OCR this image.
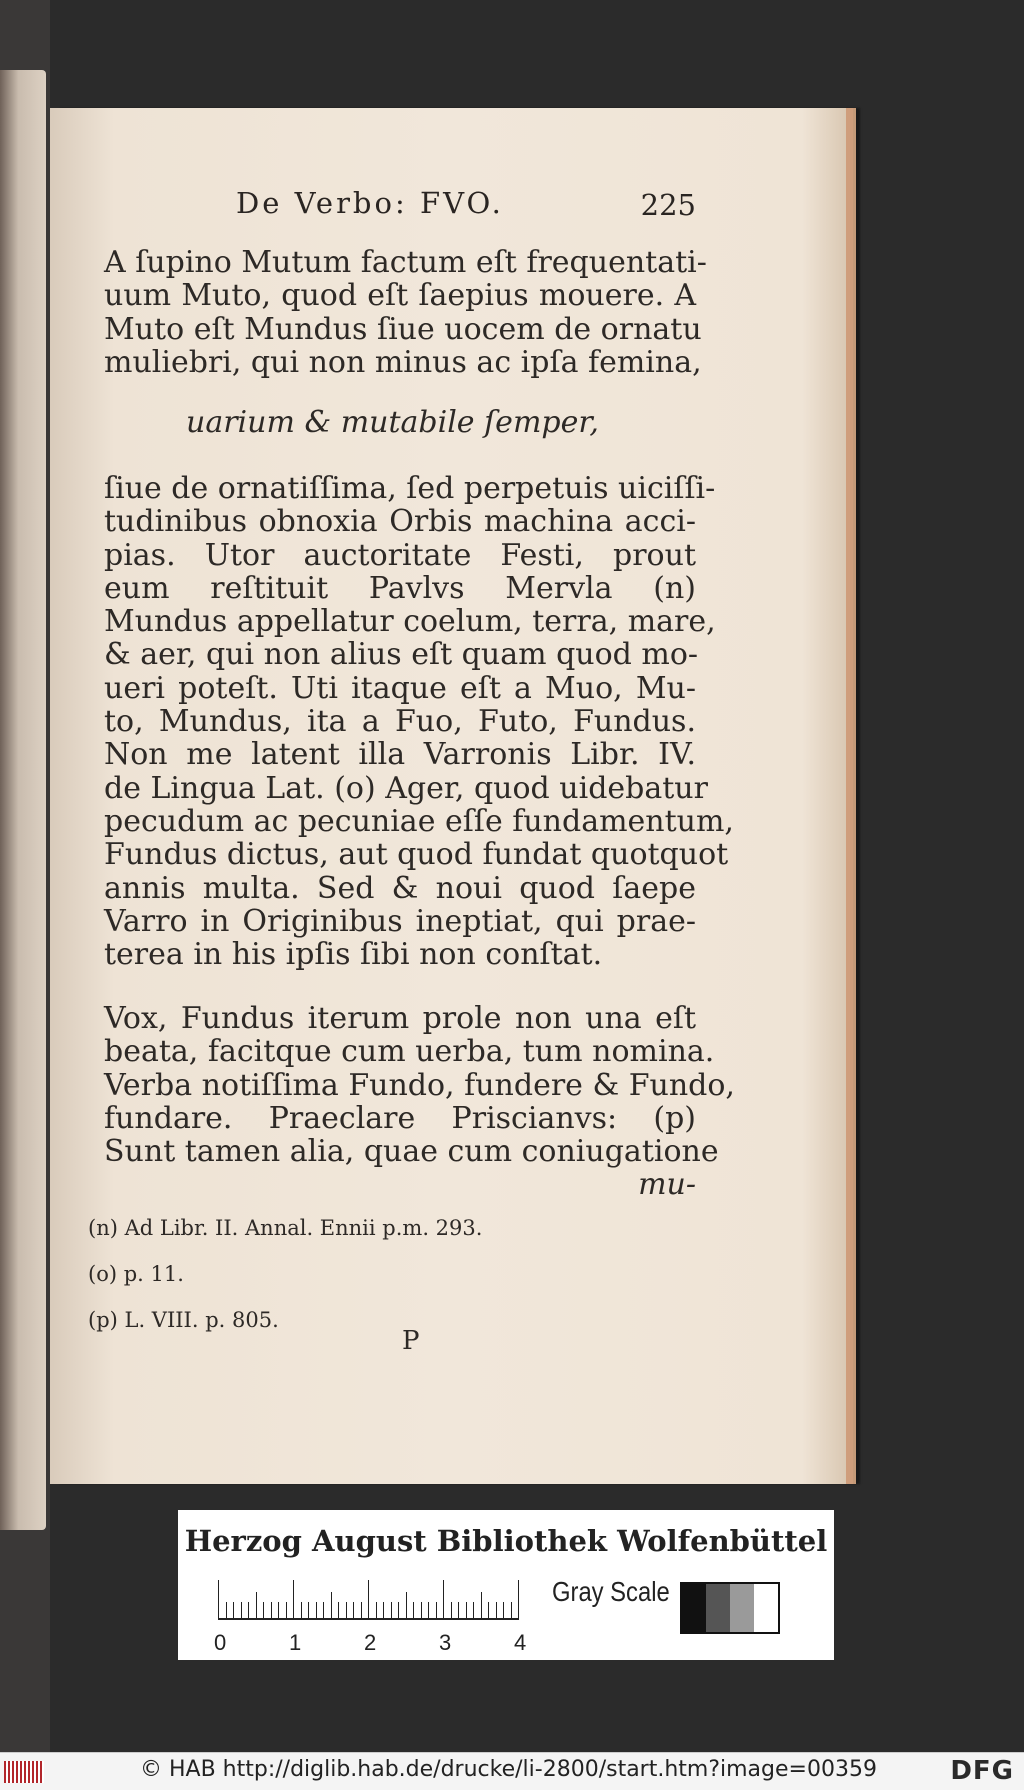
De Verbo: FVO.	225
A ſupino Mutum factum eſt frequentati-
uum Muto, quod eſt ſaepius mouere. A
Muto eſt Mundus ſiue uocem de ornatu
muliebri, qui non minus ac ipſa femina,
uarium & mutabile ſemper,
ſiue de ornatiſſima, ſed perpetuis uiciſſi-
tudinibus obnoxia Orbis machina acci-
pias. Utor auctoritate Festi, prout
eum reſtituit Pavlvs Mervla (n)
Mundus appellatur coelum, terra, mare,
& aer, qui non alius eſt quam quod mo-
ueri poteſt. Uti itaque eſt a Muo, Mu-
to, Mundus, ita a Fuo, Futo, Fundus.
Non me latent illa Varronis Libr. IV.
de Lingua Lat. (o) Ager, quod uidebatur
pecudum ac pecuniae eſſe fundamentum,
Fundus dictus, aut quod fundat quotquot
annis multa. Sed & noui quod ſaepe
Varro in Originibus ineptiat, qui prae-
terea in his ipſis ſibi non conſtat.
Vox, Fundus iterum prole non una eſt
beata, facitque cum uerba, tum nomina.
Verba notiſſima Fundo, fundere & Fundo,
fundare. Praeclare Priscianvs: (p)
Sunt tamen alia, quae cum coniugatione
mu-
(n) Ad Libr. II. Annal. Ennii p.m. 293.
(o) p. 11.
(p) L. VIII. p. 805.
P
Herzog August Bibliothek Wolfenbüttel
0	1	2	3	4
Gray Scale
© HAB http://diglib.hab.de/drucke/li-2800/start.htm?image=00359	DFG
